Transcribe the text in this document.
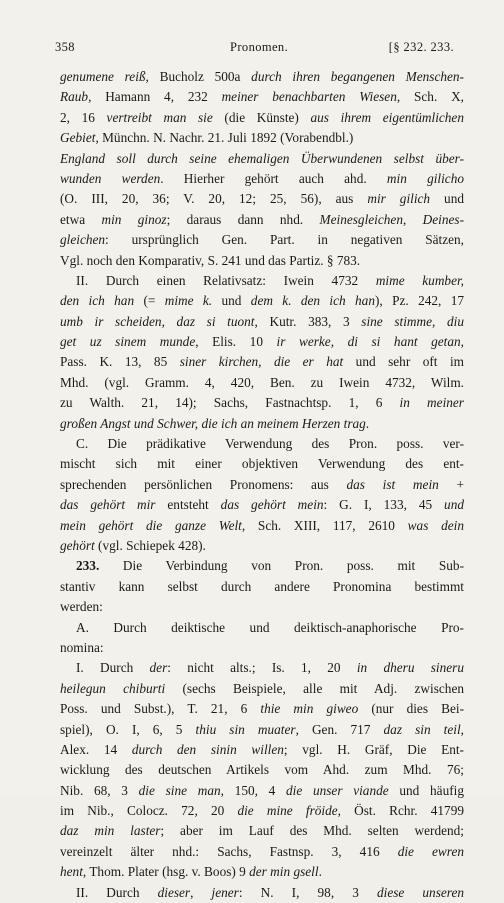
358	Pronomen.	[§ 232. 233.
genumene reiß, Bucholz 500a durch ihren begangenen Menschen-
Raub, Hamann 4, 232 meiner benachbarten Wiesen, Sch. X,
2, 16 vertreibt man sie (die Künste) aus ihrem eigentümlichen
Gebiet, Münchn. N. Nachr. 21. Juli 1892 (Vorabendbl.)
England soll durch seine ehemaligen Überwundenen selbst über-
wunden werden. Hierher gehört auch ahd. min gilicho
(O. III, 20, 36; V. 20, 12; 25, 56), aus mir gilich und
etwa min ginoz; daraus dann nhd. Meinesgleichen, Deines-
gleichen: ursprünglich Gen. Part. in negativen Sätzen,
Vgl. noch den Komparativ, S. 241 und das Partiz. § 783.
II. Durch einen Relativsatz: Iwein 4732 mime kumber,
den ich han (= mime k. und dem k. den ich han), Pz. 242, 17
umb ir scheiden, daz si tuont, Kutr. 383, 3 sine stimme, diu
get uz sinem munde, Elis. 10 ir werke, di si hant getan,
Pass. K. 13, 85 siner kirchen, die er hat und sehr oft im
Mhd. (vgl. Gramm. 4, 420, Ben. zu Iwein 4732, Wilm.
zu Walth. 21, 14); Sachs, Fastnachtsp. 1, 6 in meiner
großen Angst und Schwer, die ich an meinem Herzen trag.
C. Die prädikative Verwendung des Pron. poss. ver-
mischt sich mit einer objektiven Verwendung des ent-
sprechenden persönlichen Pronomens: aus das ist mein +
das gehört mir entsteht das gehört mein: G. I, 133, 45 und
mein gehört die ganze Welt, Sch. XIII, 117, 2610 was dein
gehört (vgl. Schiepek 428).
233. Die Verbindung von Pron. poss. mit Sub-
stantiv kann selbst durch andere Pronomina bestimmt
werden:
A. Durch deiktische und deiktisch-anaphorische Pro-
nomina:
I. Durch der: nicht alts.; Is. 1, 20 in dheru sineru
heilegun chiburti (sechs Beispiele, alle mit Adj. zwischen
Poss. und Subst.), T. 21, 6 thie min giweo (nur dies Bei-
spiel), O. I, 6, 5 thiu sin muater, Gen. 717 daz sin teil,
Alex. 14 durch den sinin willen; vgl. H. Gräf, Die Ent-
wicklung des deutschen Artikels vom Ahd. zum Mhd. 76;
Nib. 68, 3 die sine man, 150, 4 die unser viande und häufig
im Nib., Colocz. 72, 20 die mine fröide, Öst. Rchr. 41799
daz min laster; aber im Lauf des Mhd. selten werdend;
vereinzelt älter nhd.: Sachs, Fastnsp. 3, 416 die ewren
hent, Thom. Plater (hsg. v. Boos) 9 der min gsell.
II. Durch dieser, jener: N. I, 98, 3 diese unseren
